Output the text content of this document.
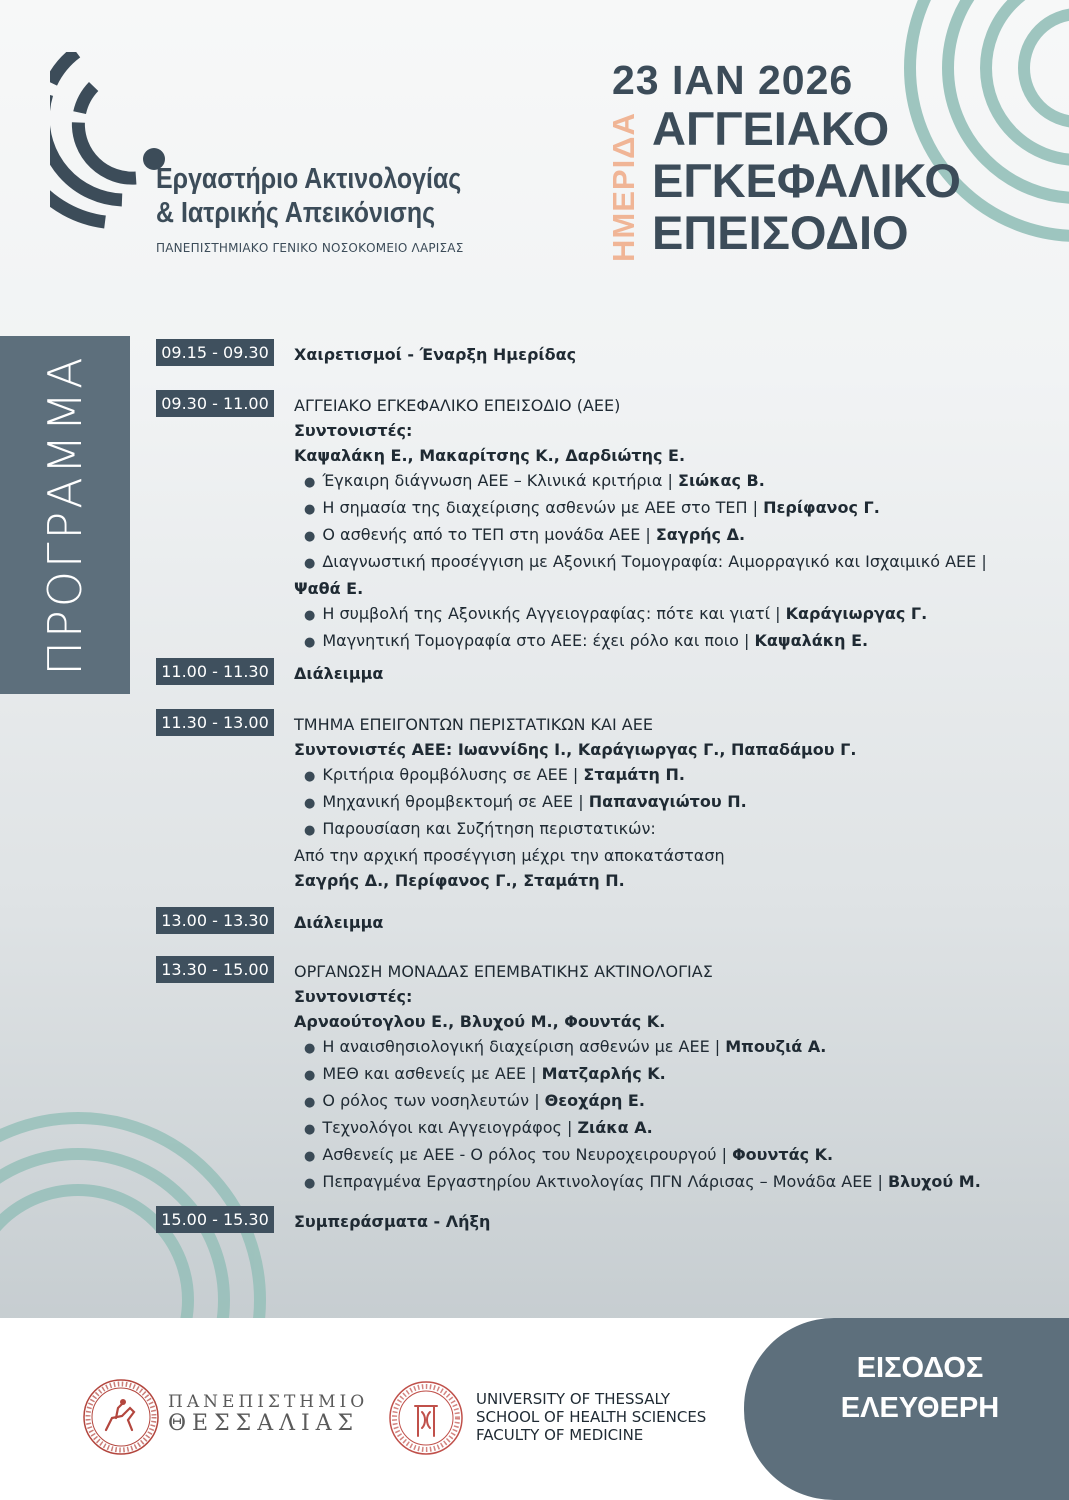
Εργαστήριο Ακτινολογίας
& Ιατρικής Απεικόνισης
ΠΑΝΕΠΙΣΤΗΜΙΑΚΟ ΓΕΝΙΚΟ ΝΟΣΟΚΟΜΕΙΟ ΛΑΡΙΣΑΣ
23 ΙΑΝ 2026
ΗΜΕΡΙΔΑ ΑΓΓΕΙΑΚΟ
ΕΓΚΕΦΑΛΙΚΟ
ΕΠΕΙΣΟΔΙΟ
ΠΡΟΓΡΑΜΜΑ
09.15 - 09.30	Χαιρετισμοί - Έναρξη Ημερίδας
09.30 - 11.00	ΑΓΓΕΙΑΚΟ ΕΓΚΕΦΑΛΙΚΟ ΕΠΕΙΣΟΔΙΟ (ΑΕΕ)
Συντονιστές:
Καψαλάκη Ε., Μακαρίτσης Κ., Δαρδιώτης Ε.
● Έγκαιρη διάγνωση ΑΕΕ – Κλινικά κριτήρια | Σιώκας Β.
● Η σημασία της διαχείρισης ασθενών με ΑΕΕ στο ΤΕΠ | Περίφανος Γ.
● Ο ασθενής από το ΤΕΠ στη μονάδα ΑΕΕ | Σαγρής Δ.
● Διαγνωστική προσέγγιση με Αξονική Τομογραφία: Αιμορραγικό και Ισχαιμικό ΑΕΕ |
Ψαθά Ε.
● Η συμβολή της Αξονικής Αγγειογραφίας: πότε και γιατί | Καράγιωργας Γ.
● Μαγνητική Τομογραφία στο ΑΕΕ: έχει ρόλο και ποιο | Καψαλάκη Ε.
11.00 - 11.30	Διάλειμμα
11.30 - 13.00	ΤΜΗΜΑ ΕΠΕΙΓΟΝΤΩΝ ΠΕΡΙΣΤΑΤΙΚΩΝ ΚΑΙ ΑΕΕ
Συντονιστές ΑΕΕ: Ιωαννίδης Ι., Καράγιωργας Γ., Παπαδάμου Γ.
● Κριτήρια θρομβόλυσης σε ΑΕΕ | Σταμάτη Π.
● Μηχανική θρομβεκτομή σε ΑΕΕ | Παπαναγιώτου Π.
● Παρουσίαση και Συζήτηση περιστατικών:
Από την αρχική προσέγγιση μέχρι την αποκατάσταση
Σαγρής Δ., Περίφανος Γ., Σταμάτη Π.
13.00 - 13.30	Διάλειμμα
13.30 - 15.00	ΟΡΓΑΝΩΣΗ ΜΟΝΑΔΑΣ ΕΠΕΜΒΑΤΙΚΗΣ ΑΚΤΙΝΟΛΟΓΙΑΣ
Συντονιστές:
Αρναούτογλου Ε., Βλυχού Μ., Φουντάς Κ.
● Η αναισθησιολογική διαχείριση ασθενών με ΑΕΕ | Μπουζιά Α.
● ΜΕΘ και ασθενείς με ΑΕΕ | Ματζαρλής Κ.
● Ο ρόλος των νοσηλευτών | Θεοχάρη Ε.
● Τεχνολόγοι και Αγγειογράφος | Ζιάκα Α.
● Ασθενείς με ΑΕΕ - Ο ρόλος του Νευροχειρουργού | Φουντάς Κ.
● Πεπραγμένα Εργαστηρίου Ακτινολογίας ΠΓΝ Λάρισας – Μονάδα ΑΕΕ | Βλυχού Μ.
15.00 - 15.30	Συμπεράσματα - Λήξη
ΕΙΣΟΔΟΣ
ΕΛΕΥΘΕΡΗ
ΠΑΝΕΠΙΣΤΗΜΙΟ
ΘΕΣΣΑΛΙΑΣ
UNIVERSITY OF THESSALY
SCHOOL OF HEALTH SCIENCES
FACULTY OF MEDICINE
